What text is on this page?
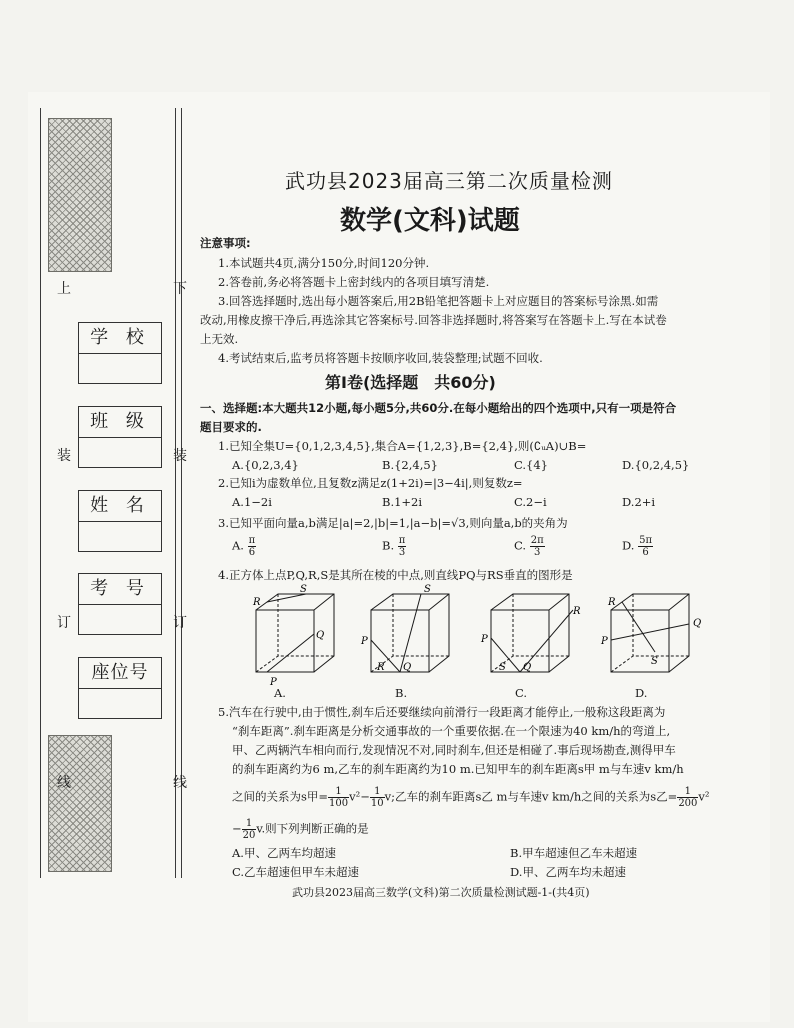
上
装
订
线
下
装
订
线
学 校
班 级
姓 名
考 号
座位号
武功县2023届高三第二次质量检测
数学(文科)试题
注意事项:
1.本试题共4页,满分150分,时间120分钟.
2.答卷前,务必将答题卡上密封线内的各项目填写清楚.
3.回答选择题时,选出每小题答案后,用2B铅笔把答题卡上对应题目的答案标号涂黑.如需
改动,用橡皮擦干净后,再选涂其它答案标号.回答非选择题时,将答案写在答题卡上.写在本试卷
上无效.
4.考试结束后,监考员将答题卡按顺序收回,装袋整理;试题不回收.
第Ⅰ卷(选择题　共60分)
一、选择题:本大题共12小题,每小题5分,共60分.在每小题给出的四个选项中,只有一项是符合
题目要求的.
1.已知全集U={0,1,2,3,4,5},集合A={1,2,3},B={2,4},则(∁ᵤA)∪B=
A.{0,2,3,4}	B.{2,4,5}	C.{4}	D.{0,2,4,5}
2.已知i为虚数单位,且复数z满足z(1+2i)=|3−4i|,则复数z=
A.1−2i	B.1+2i	C.2−i	D.2+i
3.已知平面向量a,b满足|a|=2,|b|=1,|a−b|=√3,则向量a,b的夹角为
A. $\frac{\pi}{6}$	B. $\frac{\pi}{3}$	C. $\frac{2\pi}{3}$	D. $\frac{5\pi}{6}$
4.正方体上点P,Q,R,S是其所在棱的中点,则直线PQ与RS垂直的图形是
R
S
Q
P
A.
S
P
R Q
B.
R
P
S Q
C.
R
P
Q
S
D.
5.汽车在行驶中,由于惯性,刹车后还要继续向前滑行一段距离才能停止,一般称这段距离为
“刹车距离”.刹车距离是分析交通事故的一个重要依据.在一个限速为40 km/h的弯道上,
甲、乙两辆汽车相向而行,发现情况不对,同时刹车,但还是相碰了.事后现场勘查,测得甲车
的刹车距离约为6 m,乙车的刹车距离约为10 m.已知甲车的刹车距离s甲 m与车速v km/h
之间的关系为s甲= $\frac{1}{100} v^2- \frac{1}{10} v$;乙车的刹车距离s乙 m与车速v km/h之间的关系为s乙= $\frac{1}{200} v^2$
− $\frac{1}{20} v$.则下列判断正确的是
A.甲、乙两车均超速	B.甲车超速但乙车未超速
C.乙车超速但甲车未超速	D.甲、乙两车均未超速
武功县2023届高三数学(文科)第二次质量检测试题-1-(共4页)
